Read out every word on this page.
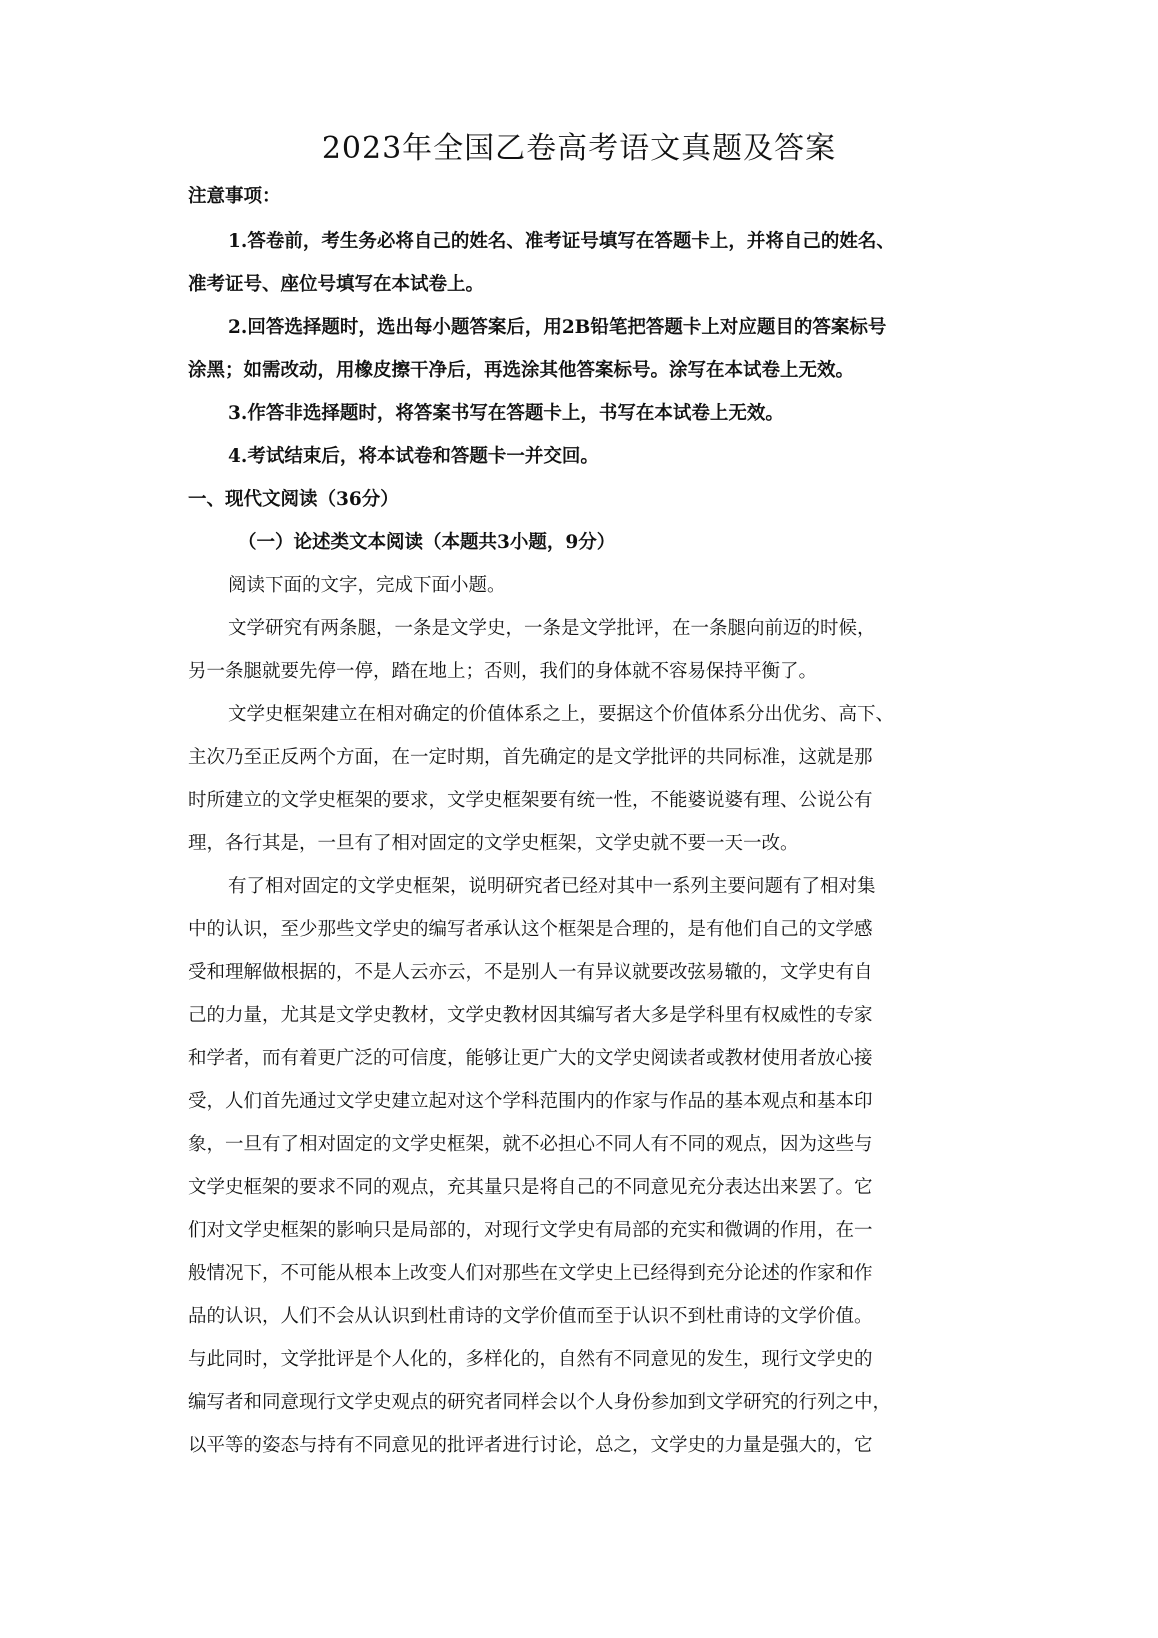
2023年全国乙卷高考语文真题及答案
注意事项：
1.答卷前，考生务必将自己的姓名、准考证号填写在答题卡上，并将自己的姓名、
准考证号、座位号填写在本试卷上。
2.回答选择题时，选出每小题答案后，用2B铅笔把答题卡上对应题目的答案标号
涂黑；如需改动，用橡皮擦干净后，再选涂其他答案标号。涂写在本试卷上无效。
3.作答非选择题时，将答案书写在答题卡上，书写在本试卷上无效。
4.考试结束后，将本试卷和答题卡一并交回。
一、现代文阅读（36分）
（一）论述类文本阅读（本题共3小题，9分）
阅读下面的文字，完成下面小题。
文学研究有两条腿，一条是文学史，一条是文学批评，在一条腿向前迈的时候，
另一条腿就要先停一停，踏在地上；否则，我们的身体就不容易保持平衡了。
文学史框架建立在相对确定的价值体系之上，要据这个价值体系分出优劣、高下、
主次乃至正反两个方面，在一定时期，首先确定的是文学批评的共同标准，这就是那
时所建立的文学史框架的要求，文学史框架要有统一性，不能婆说婆有理、公说公有
理，各行其是，一旦有了相对固定的文学史框架，文学史就不要一天一改。
有了相对固定的文学史框架，说明研究者已经对其中一系列主要问题有了相对集
中的认识，至少那些文学史的编写者承认这个框架是合理的，是有他们自己的文学感
受和理解做根据的，不是人云亦云，不是别人一有异议就要改弦易辙的，文学史有自
己的力量，尤其是文学史教材，文学史教材因其编写者大多是学科里有权威性的专家
和学者，而有着更广泛的可信度，能够让更广大的文学史阅读者或教材使用者放心接
受，人们首先通过文学史建立起对这个学科范围内的作家与作品的基本观点和基本印
象，一旦有了相对固定的文学史框架，就不必担心不同人有不同的观点，因为这些与
文学史框架的要求不同的观点，充其量只是将自己的不同意见充分表达出来罢了。它
们对文学史框架的影响只是局部的，对现行文学史有局部的充实和微调的作用，在一
般情况下，不可能从根本上改变人们对那些在文学史上已经得到充分论述的作家和作
品的认识，人们不会从认识到杜甫诗的文学价值而至于认识不到杜甫诗的文学价值。
与此同时，文学批评是个人化的，多样化的，自然有不同意见的发生，现行文学史的
编写者和同意现行文学史观点的研究者同样会以个人身份参加到文学研究的行列之中，
以平等的姿态与持有不同意见的批评者进行讨论，总之，文学史的力量是强大的，它
